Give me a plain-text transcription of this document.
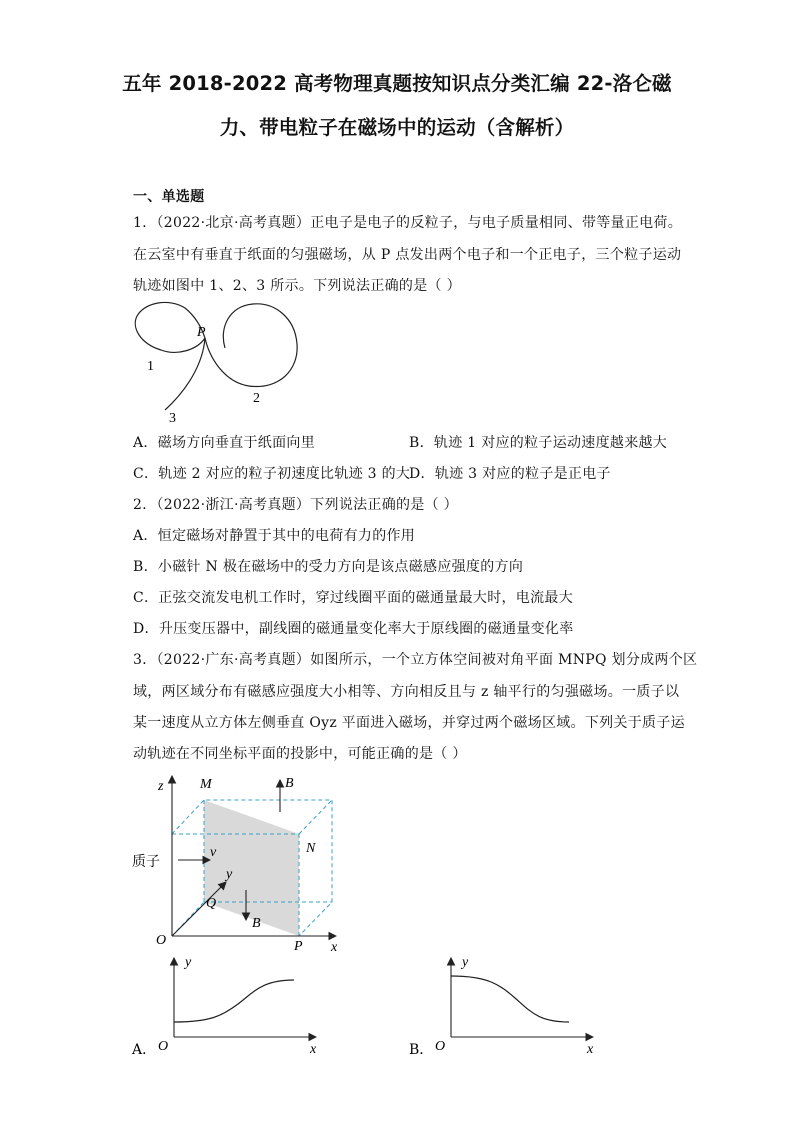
五年 2018-2022 高考物理真题按知识点分类汇编 22-洛仑磁
力、带电粒子在磁场中的运动（含解析）
一、单选题
1．（2022·北京·高考真题）正电子是电子的反粒子，与电子质量相同、带等量正电荷。
在云室中有垂直于纸面的匀强磁场，从 P 点发出两个电子和一个正电子，三个粒子运动
轨迹如图中 1、2、3 所示。下列说法正确的是（ ）
P
1
2
3
A．磁场方向垂直于纸面向里	B．轨迹 1 对应的粒子运动速度越来越大
C．轨迹 2 对应的粒子初速度比轨迹 3 的大
D．轨迹 3 对应的粒子是正电子
2．（2022·浙江·高考真题）下列说法正确的是（ ）
A．恒定磁场对静置于其中的电荷有力的作用
B．小磁针 N 极在磁场中的受力方向是该点磁感应强度的方向
C．正弦交流发电机工作时，穿过线圈平面的磁通量最大时，电流最大
D．升压变压器中，副线圈的磁通量变化率大于原线圈的磁通量变化率
3．（2022·广东·高考真题）如图所示，一个立方体空间被对角平面 MNPQ 划分成两个区
域，两区域分布有磁感应强度大小相等、方向相反且与 z 轴平行的匀强磁场。一质子以
某一速度从立方体左侧垂直 Oyz 平面进入磁场，并穿过两个磁场区域。下列关于质子运
动轨迹在不同坐标平面的投影中，可能正确的是（ ）
z	M	B
N
v
y
Q
B
O	P x
质子
A．
y
O	x	B．
y
O	x
